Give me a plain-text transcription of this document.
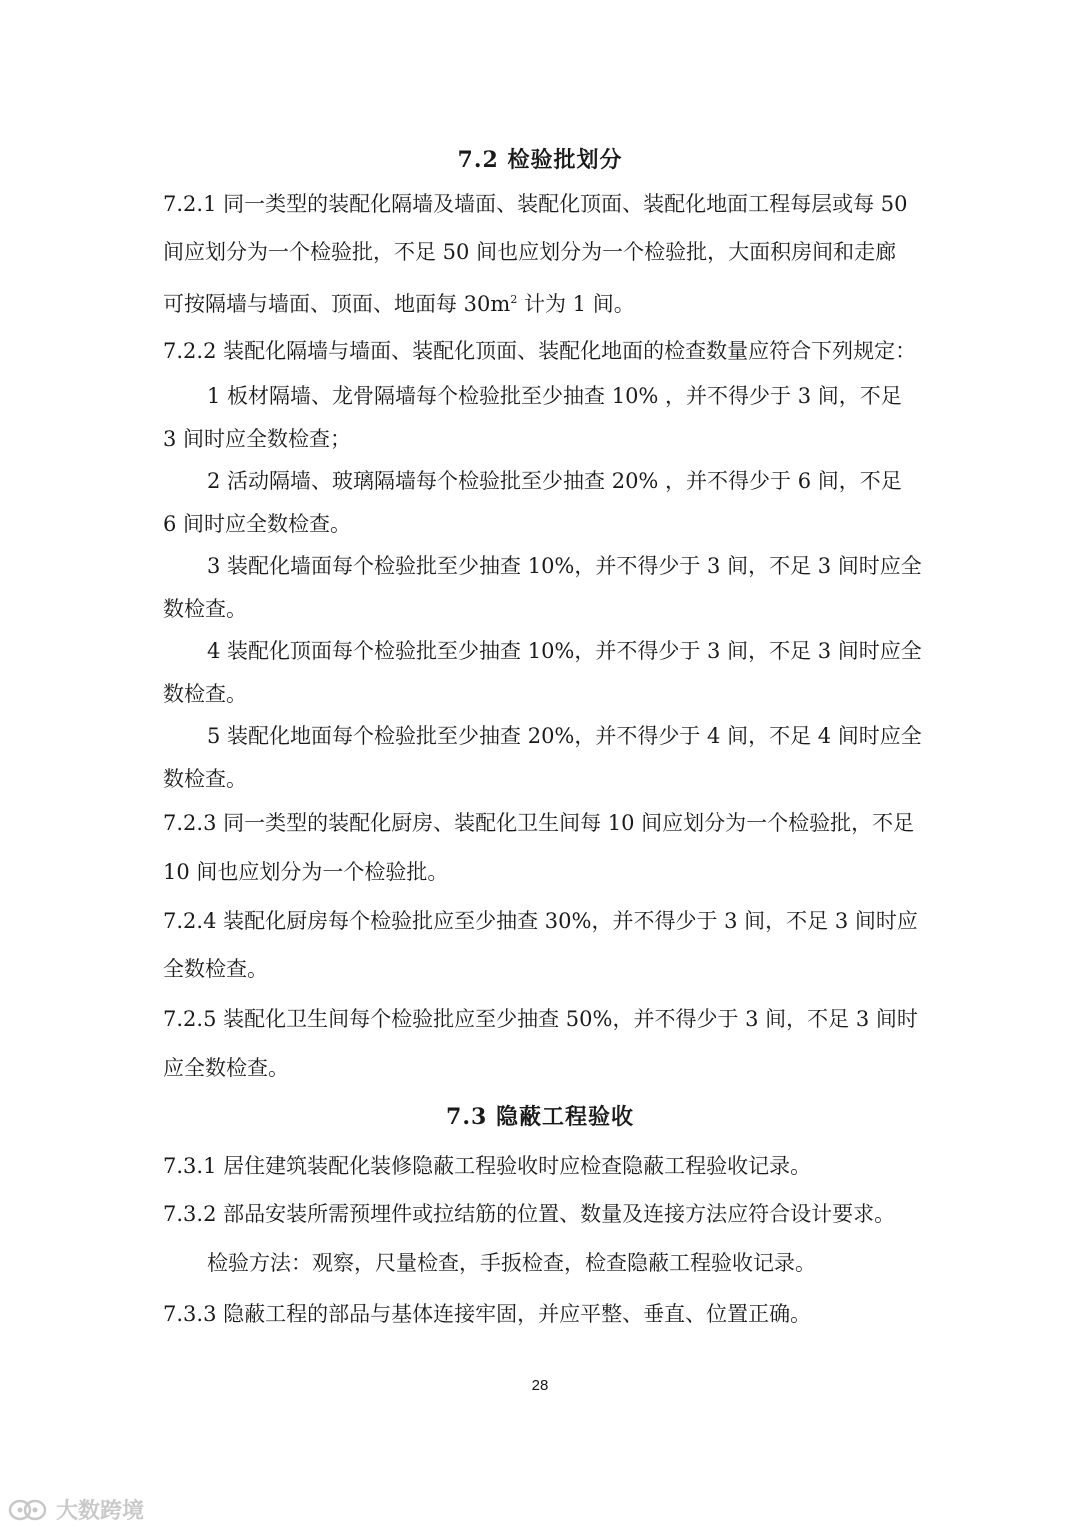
7.2 检验批划分
7.2.1 同一类型的装配化隔墙及墙面、装配化顶面、装配化地面工程每层或每 50
间应划分为一个检验批，不足 50 间也应划分为一个检验批，大面积房间和走廊
可按隔墙与墙面、顶面、地面每 $30m^2$ 计为 1 间。
7.2.2 装配化隔墙与墙面、装配化顶面、装配化地面的检查数量应符合下列规定：
1 板材隔墙、龙骨隔墙每个检验批至少抽查 10% ，并不得少于 3 间，不足
3 间时应全数检查；
2 活动隔墙、玻璃隔墙每个检验批至少抽查 20% ，并不得少于 6 间，不足
6 间时应全数检查。
3 装配化墙面每个检验批至少抽查 10%，并不得少于 3 间，不足 3 间时应全
数检查。
4 装配化顶面每个检验批至少抽查 10%，并不得少于 3 间，不足 3 间时应全
数检查。
5 装配化地面每个检验批至少抽查 20%，并不得少于 4 间，不足 4 间时应全
数检查。
7.2.3 同一类型的装配化厨房、装配化卫生间每 10 间应划分为一个检验批，不足
10 间也应划分为一个检验批。
7.2.4 装配化厨房每个检验批应至少抽查 30%，并不得少于 3 间，不足 3 间时应
全数检查。
7.2.5 装配化卫生间每个检验批应至少抽查 50%，并不得少于 3 间，不足 3 间时
应全数检查。
7.3 隐蔽工程验收
7.3.1 居住建筑装配化装修隐蔽工程验收时应检查隐蔽工程验收记录。
7.3.2 部品安装所需预埋件或拉结筋的位置、数量及连接方法应符合设计要求。
检验方法：观察，尺量检查，手扳检查，检查隐蔽工程验收记录。
7.3.3 隐蔽工程的部品与基体连接牢固，并应平整、垂直、位置正确。
28
大数跨境
